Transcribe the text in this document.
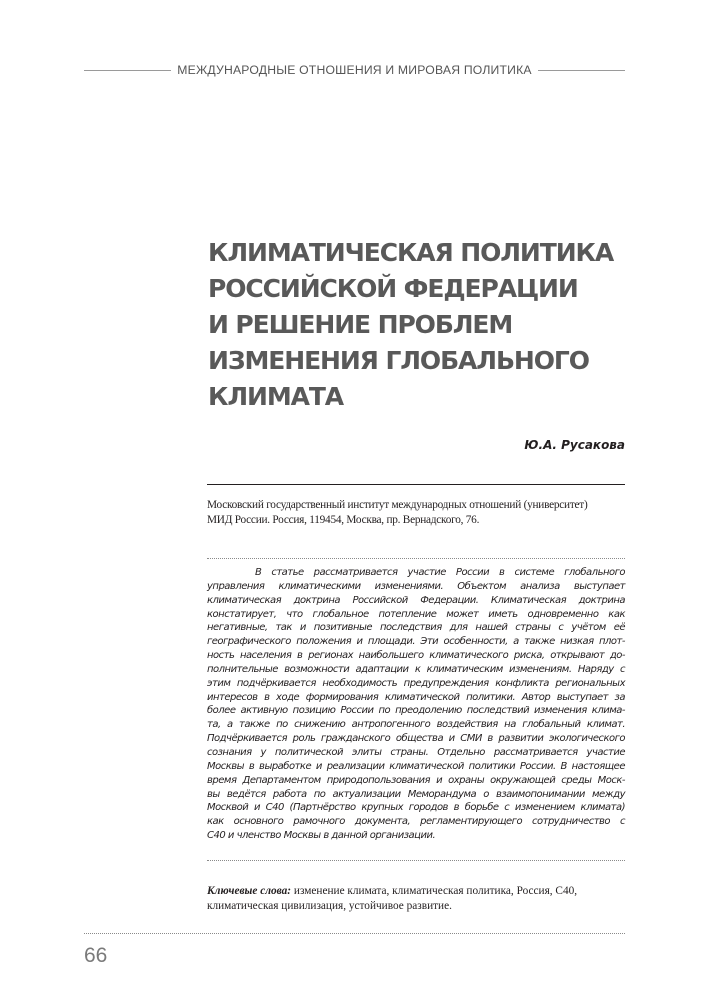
МЕЖДУНАРОДНЫЕ ОТНОШЕНИЯ И МИРОВАЯ ПОЛИТИКА
КЛИМАТИЧЕСКАЯ ПОЛИТИКА
РОССИЙСКОЙ ФЕДЕРАЦИИ
И РЕШЕНИЕ ПРОБЛЕМ
ИЗМЕНЕНИЯ ГЛОБАЛЬНОГО
КЛИМАТА
Ю.А. Русакова
Московский государственный институт международных отношений (университет)
МИД России. Россия, 119454, Москва, пр. Вернадского, 76.
В статье рассматривается участие России в системе глобального
управления климатическими изменениями. Объектом анализа выступает
климатическая доктрина Российской Федерации. Климатическая доктрина
констатирует, что глобальное потепление может иметь одновременно как
негативные, так и позитивные последствия для нашей страны с учётом её
географического положения и площади. Эти особенности, а также низкая плот-
ность населения в регионах наибольшего климатического риска, открывают до-
полнительные возможности адаптации к климатическим изменениям. Наряду с
этим подчёркивается необходимость предупреждения конфликта региональных
интересов в ходе формирования климатической политики. Автор выступает за
более активную позицию России по преодолению последствий изменения клима-
та, а также по снижению антропогенного воздействия на глобальный климат.
Подчёркивается роль гражданского общества и СМИ в развитии экологического
сознания у политической элиты страны. Отдельно рассматривается участие
Москвы в выработке и реализации климатической политики России. В настоящее
время Департаментом природопользования и охраны окружающей среды Моск-
вы ведётся работа по актуализации Меморандума о взаимопонимании между
Москвой и С40 (Партнёрство крупных городов в борьбе с изменением климата)
как основного рамочного документа, регламентирующего сотрудничество с
С40 и членство Москвы в данной организации.
Ключевые слова: изменение климата, климатическая политика, Россия, С40,
климатическая цивилизация, устойчивое развитие.
66
